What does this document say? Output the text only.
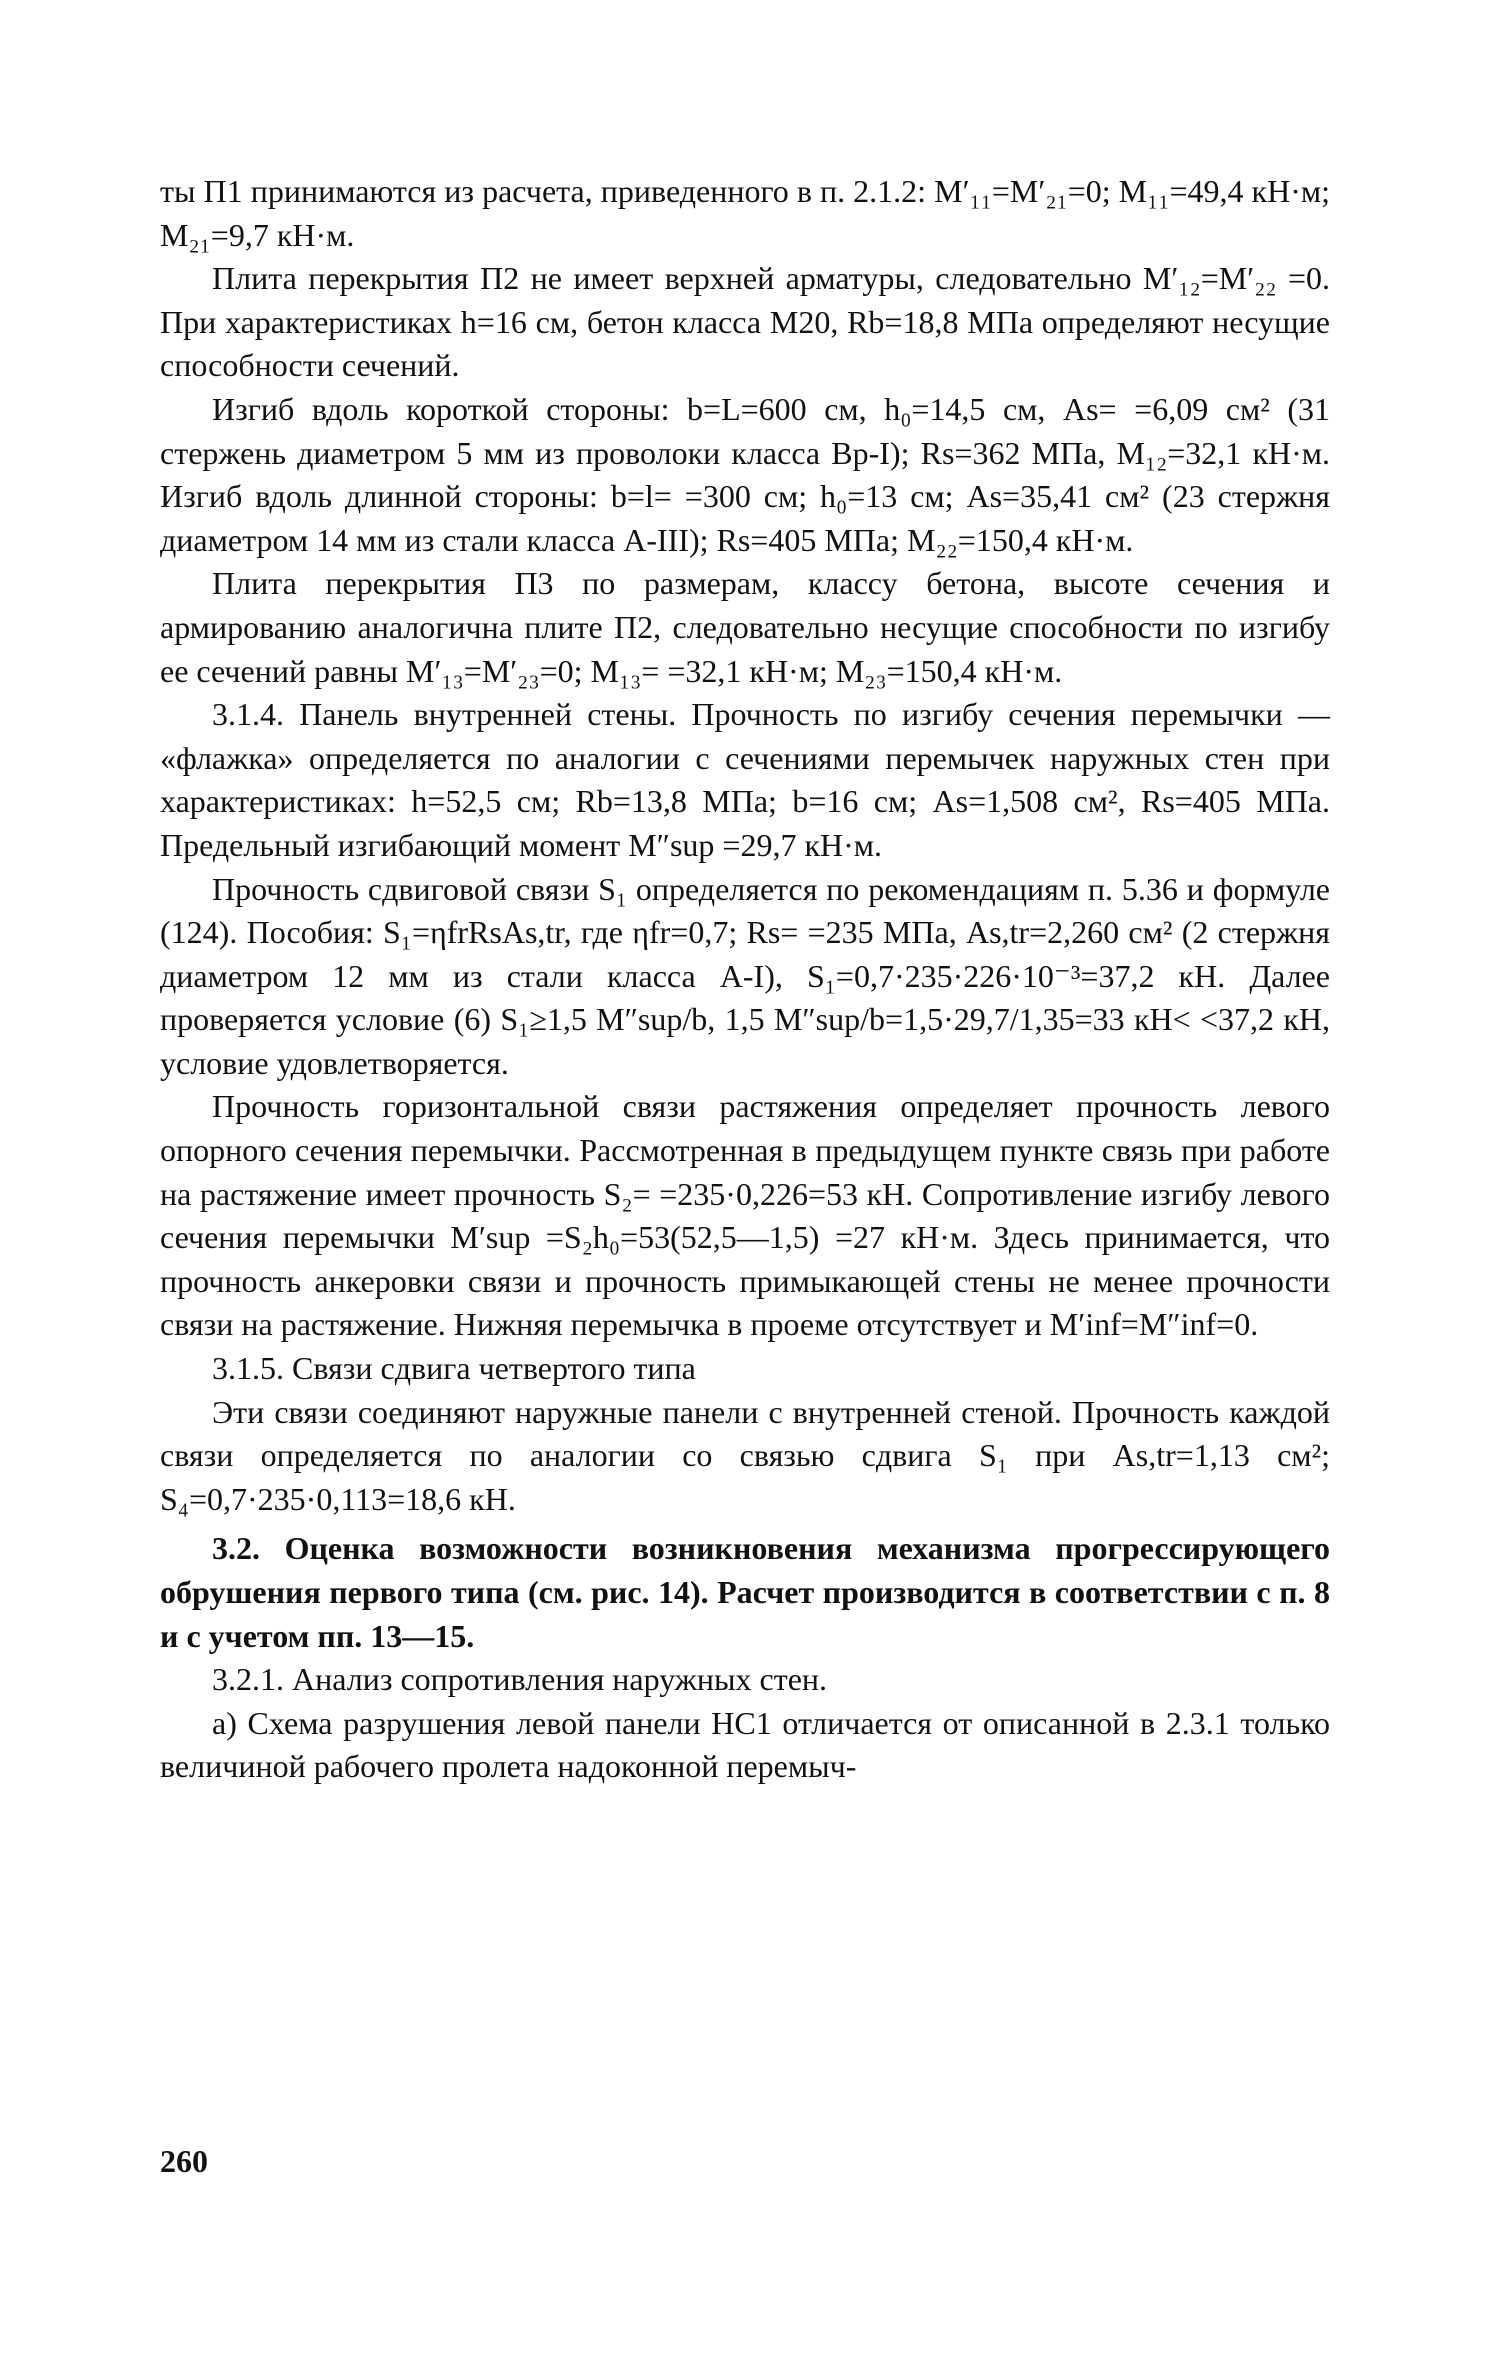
ты П1 принимаются из расчета, приведенного в п. 2.1.2: M′₁₁=M′₂₁=0; M₁₁=49,4 кН·м; M₂₁=9,7 кН·м.

Плита перекрытия П2 не имеет верхней арматуры, следовательно M′₁₂=M′₂₂ =0. При характеристиках h=16 см, бетон класса М20, Rb=18,8 МПа определяют несущие способности сечений.

Изгиб вдоль короткой стороны: b=L=600 см, h₀=14,5 см, As= =6,09 см² (31 стержень диаметром 5 мм из проволоки класса Вр-I); Rs=362 МПа, M₁₂=32,1 кН·м. Изгиб вдоль длинной стороны: b=l= =300 см; h₀=13 см; As=35,41 см² (23 стержня диаметром 14 мм из стали класса А-III); Rs=405 МПа; M₂₂=150,4 кН·м.

Плита перекрытия П3 по размерам, классу бетона, высоте сечения и армированию аналогична плите П2, следовательно несущие способности по изгибу ее сечений равны M′₁₃=M′₂₃=0; M₁₃= =32,1 кН·м; M₂₃=150,4 кН·м.

3.1.4. Панель внутренней стены. Прочность по изгибу сечения перемычки — «флажка» определяется по аналогии с сечениями перемычек наружных стен при характеристиках: h=52,5 см; Rb=13,8 МПа; b=16 см; As=1,508 см², Rs=405 МПа. Предельный изгибающий момент M″sup =29,7 кН·м.

Прочность сдвиговой связи S₁ определяется по рекомендациям п. 5.36 и формуле (124). Пособия: S₁=ηfrRsAs,tr, где ηfr=0,7; Rs= =235 МПа, As,tr=2,260 см² (2 стержня диаметром 12 мм из стали класса А-I), S₁=0,7·235·226·10⁻³=37,2 кН. Далее проверяется условие (6) S₁≥1,5 M″sup/b, 1,5 M″sup/b=1,5·29,7/1,35=33 кН< <37,2 кН, условие удовлетворяется.

Прочность горизонтальной связи растяжения определяет прочность левого опорного сечения перемычки. Рассмотренная в предыдущем пункте связь при работе на растяжение имеет прочность S₂= =235·0,226=53 кН. Сопротивление изгибу левого сечения перемычки M′sup =S₂h₀=53(52,5—1,5) =27 кН·м. Здесь принимается, что прочность анкеровки связи и прочность примыкающей стены не менее прочности связи на растяжение. Нижняя перемычка в проеме отсутствует и M′inf=M″inf=0.

3.1.5. Связи сдвига четвертого типа

Эти связи соединяют наружные панели с внутренней стеной. Прочность каждой связи определяется по аналогии со связью сдвига S₁ при As,tr=1,13 см²; S₄=0,7·235·0,113=18,6 кН.

3.2. Оценка возможности возникновения механизма прогрессирующего обрушения первого типа (см. рис. 14). Расчет производится в соответствии с п. 8 и с учетом пп. 13—15.

3.2.1. Анализ сопротивления наружных стен.

а) Схема разрушения левой панели НС1 отличается от описанной в 2.3.1 только величиной рабочего пролета надоконной перемыч-

260
